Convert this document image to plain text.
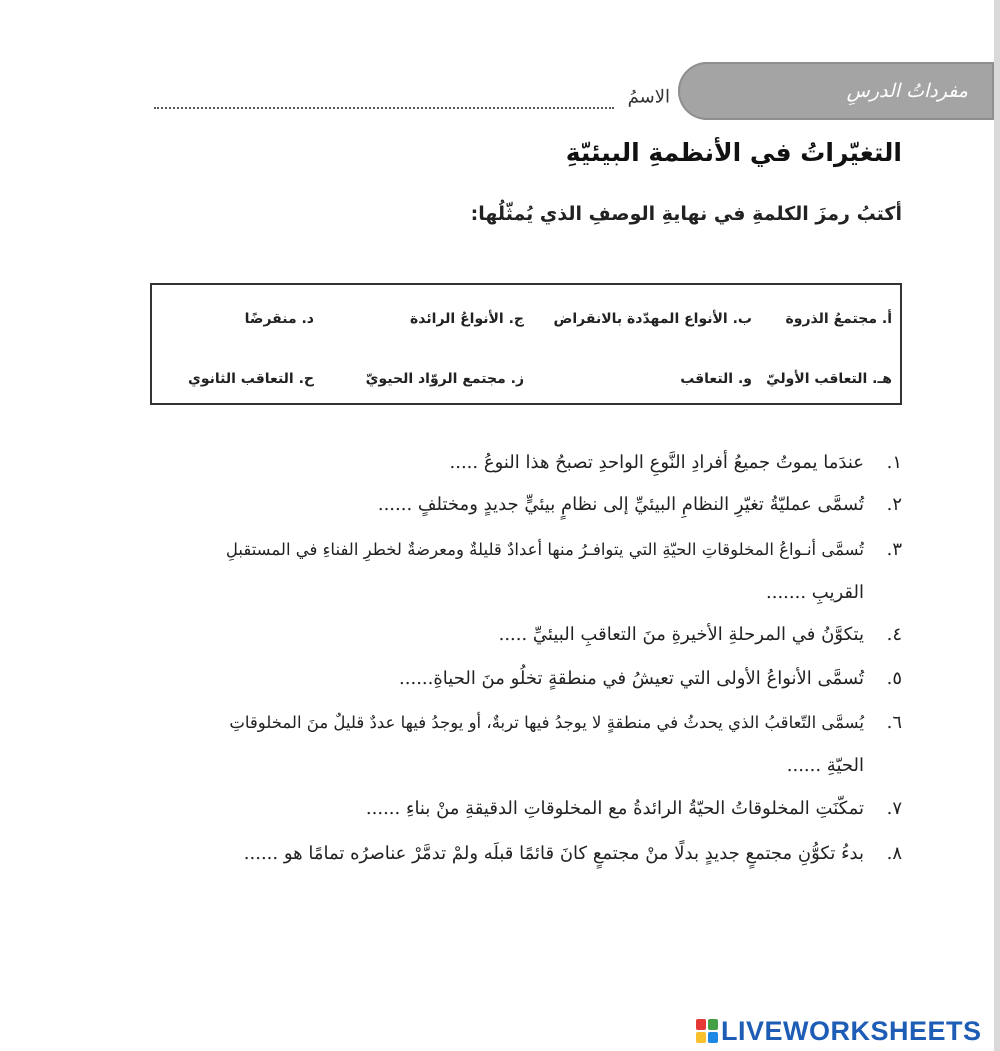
مفرداتُ الدرسِ
الاسمُ
التغيّراتُ في الأنظمةِ البيئيّةِ
أكتبُ رمزَ الكلمةِ في نهايةِ الوصفِ الذي يُمثّلُها:
أ. مجتمعُ الذروة
ب. الأنواع المهدّدة بالانقراض
ج. الأنواعُ الرائدة
د. منقرضًا
هـ. التعاقب الأوليّ
و. التعاقب
ز. مجتمع الروّاد الحيويّ
ح. التعاقب الثانوي
١.عندَما يموتُ جميعُ أفرادِ النَّوعِ الواحدِ تصبحُ هذا النوعُ .....
٢.تُسمَّى عمليّةُ تغيّرِ النظامِ البيئيِّ إلى نظامٍ بيئيٍّ جديدٍ ومختلفٍ ......
٣.تُسمَّى أنـواعُ المخلوقاتِ الحيّةِ التي يتوافـرُ منها أعدادٌ قليلةٌ ومعرضةٌ لخطرِ الفناءِ في المستقبلِ
القريبِ .......
٤.يتكوَّنُ في المرحلةِ الأخيرةِ منَ التعاقبِ البيئيِّ .....
٥.تُسمَّى الأنواعُ الأولى التي تعيشُ في منطقةٍ تخلُو منَ الحياةِ......
٦.يُسمَّى التّعاقبُ الذي يحدثُ في منطقةٍ لا يوجدُ فيها تربةٌ، أو يوجدُ فيها عددٌ قليلٌ منَ المخلوقاتِ
الحيّةِ ......
٧.تمكّنَتِ المخلوقاتُ الحيّةُ الرائدةُ مع المخلوقاتِ الدقيقةِ منْ بناءِ ......
٨.بدءُ تكوُّنِ مجتمعٍ جديدٍ بدلًا منْ مجتمعٍ كانَ قائمًا قبلَه ولمْ تدمَّرْ عناصرُه تمامًا هو ......
LIVEWORKSHEETS
